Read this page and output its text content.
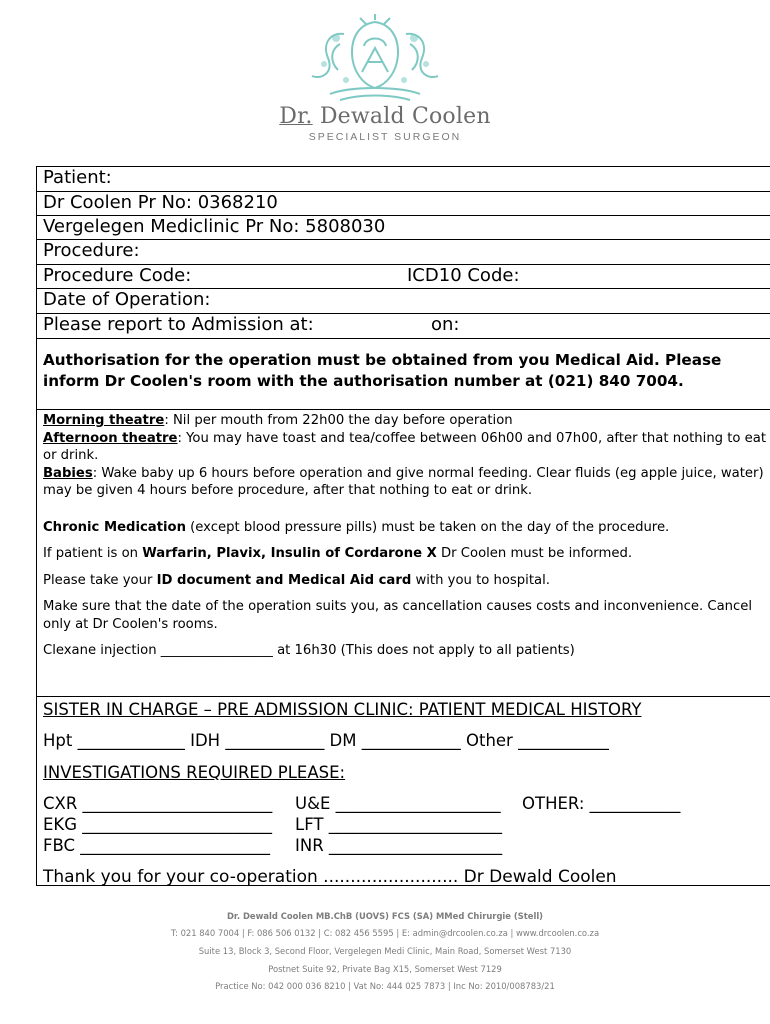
Dr. Dewald Coolen
SPECIALIST SURGEON
Patient:
Dr Coolen Pr No: 0368210
Vergelegen Mediclinic Pr No: 5808030
Procedure:
Procedure Code:	ICD10 Code:
Date of Operation:
Please report to Admission at:	on:
Authorisation for the operation must be obtained from you Medical Aid. Please inform Dr Coolen's room with the authorisation number at (021) 840 7004.

Morning theatre: Nil per mouth from 22h00 the day before operation

Afternoon theatre: You may have toast and tea/coffee between 06h00 and 07h00, after that nothing to eat or drink.

Babies: Wake baby up 6 hours before operation and give normal feeding. Clear fluids (eg apple juice, water) may be given 4 hours before procedure, after that nothing to eat or drink.

Chronic Medication (except blood pressure pills) must be taken on the day of the procedure.

If patient is on Warfarin, Plavix, Insulin of Cordarone X Dr Coolen must be informed.

Please take your ID document and Medical Aid card with you to hospital.

Make sure that the date of the operation suits you, as cancellation causes costs and inconvenience. Cancel only at Dr Coolen's rooms.

Clexane injection _________________ at 16h30 (This does not apply to all patients)

SISTER IN CHARGE – PRE ADMISSION CLINIC: PATIENT MEDICAL HISTORY
Hpt _____________ IDH ____________ DM ____________ Other ___________
INVESTIGATIONS REQUIRED PLEASE:
CXR _______________________ U&E ____________________ OTHER: ___________
EKG _______________________ LFT _____________________
FBC _______________________ INR _____________________
Thank you for your co-operation ......................... Dr Dewald Coolen
Dr. Dewald Coolen MB.ChB (UOVS) FCS (SA) MMed Chirurgie (Stell)
T: 021 840 7004 | F: 086 506 0132 | C: 082 456 5595 | E: admin@drcoolen.co.za | www.drcoolen.co.za
Suite 13, Block 3, Second Floor, Vergelegen Medi Clinic, Main Road, Somerset West 7130
Postnet Suite 92, Private Bag X15, Somerset West 7129
Practice No: 042 000 036 8210 | Vat No: 444 025 7873 | Inc No: 2010/008783/21
